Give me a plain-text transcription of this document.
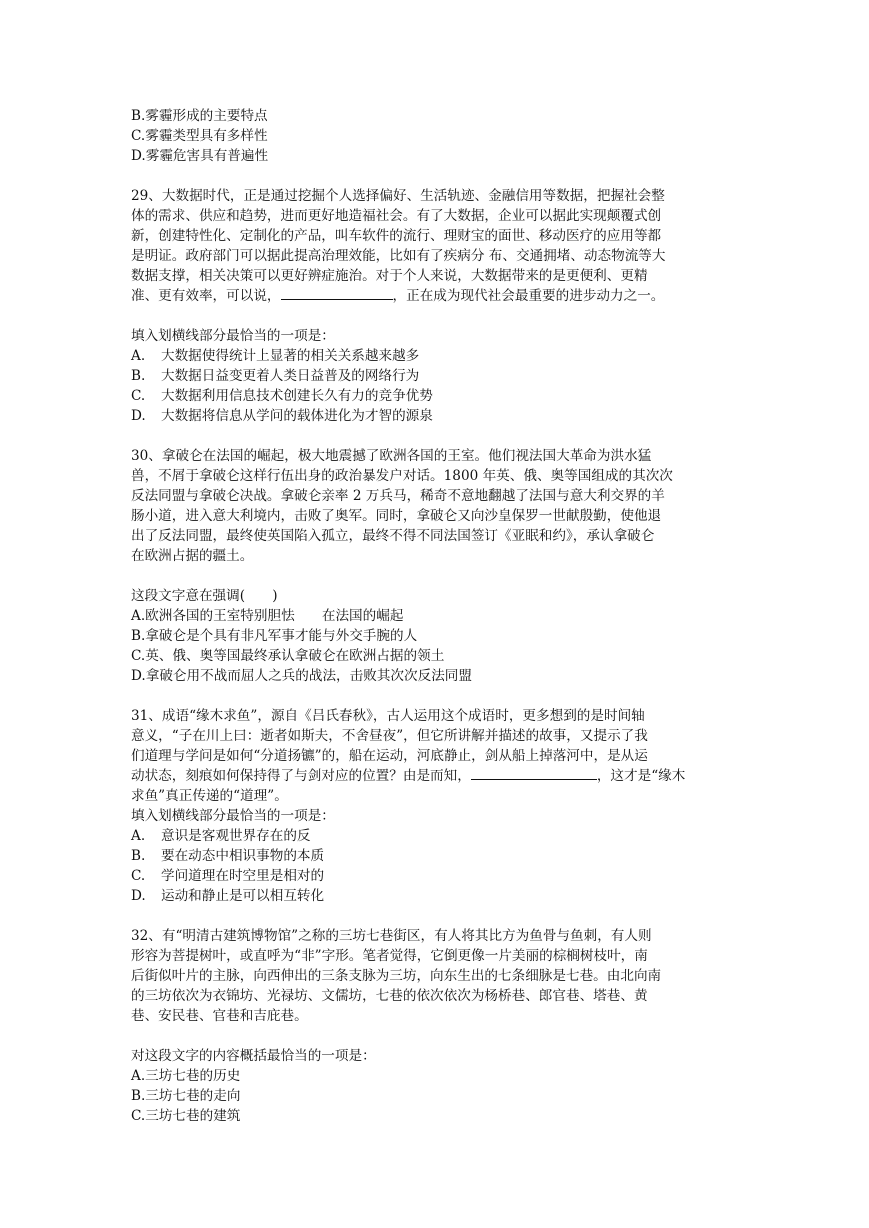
B.雾霾形成的主要特点
C.雾霾类型具有多样性
D.雾霾危害具有普遍性
29、大数据时代，正是通过挖掘个人选择偏好、生活轨迹、金融信用等数据，把握社会整
体的需求、供应和趋势，进而更好地造福社会。有了大数据，企业可以据此实现颠覆式创
新，创建特性化、定制化的产品，叫车软件的流行、理财宝的面世、移动医疗的应用等都
是明证。政府部门可以据此提高治理效能，比如有了疾病分 布、交通拥堵、动态物流等大
数据支撑，相关决策可以更好辨症施治。对于个人来说，大数据带来的是更便利、更精
准、更有效率，可以说，	，正在成为现代社会最重要的进步动力之一。
填入划横线部分最恰当的一项是：
A. 大数据使得统计上显著的相关关系越来越多
B. 大数据日益变更着人类日益普及的网络行为
C. 大数据利用信息技术创建长久有力的竞争优势
D. 大数据将信息从学问的载体进化为才智的源泉
30、拿破仑在法国的崛起，极大地震撼了欧洲各国的王室。他们视法国大革命为洪水猛
兽，不屑于拿破仑这样行伍出身的政治暴发户对话。1800 年英、俄、奥等国组成的其次次
反法同盟与拿破仑决战。拿破仑亲率 2 万兵马，稀奇不意地翻越了法国与意大利交界的羊
肠小道，进入意大利境内，击败了奥军。同时，拿破仑又向沙皇保罗一世献殷勤，使他退
出了反法同盟，最终使英国陷入孤立，最终不得不同法国签订《亚眠和约》，承认拿破仑
在欧洲占据的疆土。
这段文字意在强调(　　)
A.欧洲各国的王室特别胆怯　　在法国的崛起
B.拿破仑是个具有非凡军事才能与外交手腕的人
C.英、俄、奥等国最终承认拿破仑在欧洲占据的领土
D.拿破仑用不战而屈人之兵的战法，击败其次次反法同盟
31、成语“缘木求鱼”，源自《吕氏春秋》，古人运用这个成语时，更多想到的是时间轴
意义，“子在川上曰：逝者如斯夫，不舍昼夜”，但它所讲解并描述的故事，又提示了我
们道理与学问是如何“分道扬镳”的，船在运动，河底静止，剑从船上掉落河中，是从运
动状态，刻痕如何保持得了与剑对应的位置？由是而知，	，这才是“缘木
求鱼”真正传递的“道理”。
填入划横线部分最恰当的一项是：
A. 意识是客观世界存在的反
B. 要在动态中相识事物的本质
C. 学问道理在时空里是相对的
D. 运动和静止是可以相互转化
32、有“明清古建筑博物馆”之称的三坊七巷街区，有人将其比方为鱼骨与鱼刺，有人则
形容为菩提树叶，或直呼为“非”字形。笔者觉得，它倒更像一片美丽的棕榈树枝叶，南
后街似叶片的主脉，向西伸出的三条支脉为三坊，向东生出的七条细脉是七巷。由北向南
的三坊依次为衣锦坊、光禄坊、文儒坊，七巷的依次依次为杨桥巷、郎官巷、塔巷、黄
巷、安民巷、官巷和吉庇巷。
对这段文字的内容概括最恰当的一项是：
A.三坊七巷的历史
B.三坊七巷的走向
C.三坊七巷的建筑
